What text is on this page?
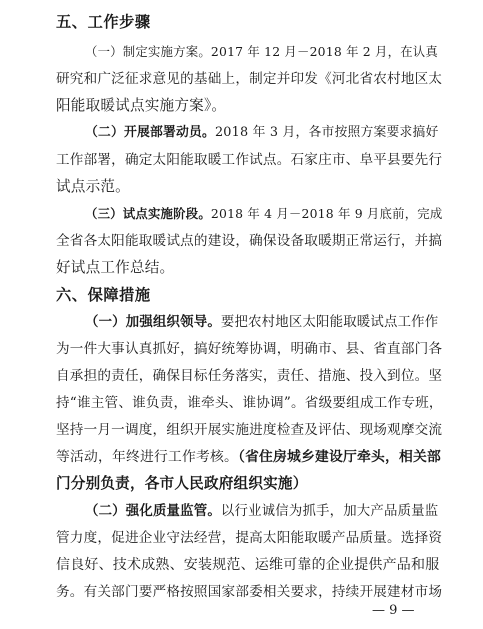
五、工作步骤
（一）制定实施方案。2017 年 12 月－2018 年 2 月，在认真
研究和广泛征求意见的基础上，制定并印发《河北省农村地区太
阳能取暖试点实施方案》。
（二）开展部署动员。2018 年 3 月，各市按照方案要求搞好
工作部署，确定太阳能取暖工作试点。石家庄市、阜平县要先行
试点示范。
（三）试点实施阶段。2018 年 4 月－2018 年 9 月底前，完成
全省各太阳能取暖试点的建设，确保设备取暖期正常运行，并搞
好试点工作总结。
六、保障措施
（一）加强组织领导。要把农村地区太阳能取暖试点工作作
为一件大事认真抓好，搞好统筹协调，明确市、县、省直部门各
自承担的责任，确保目标任务落实，责任、措施、投入到位。坚
持“谁主管、谁负责，谁牵头、谁协调”。省级要组成工作专班，
坚持一月一调度，组织开展实施进度检查及评估、现场观摩交流
等活动，年终进行工作考核。（省住房城乡建设厅牵头，相关部
门分别负责，各市人民政府组织实施）
（二）强化质量监管。以行业诚信为抓手，加大产品质量监
管力度，促进企业守法经营，提高太阳能取暖产品质量。选择资
信良好、技术成熟、安装规范、运维可靠的企业提供产品和服
务。有关部门要严格按照国家部委相关要求，持续开展建材市场
— 9 —
